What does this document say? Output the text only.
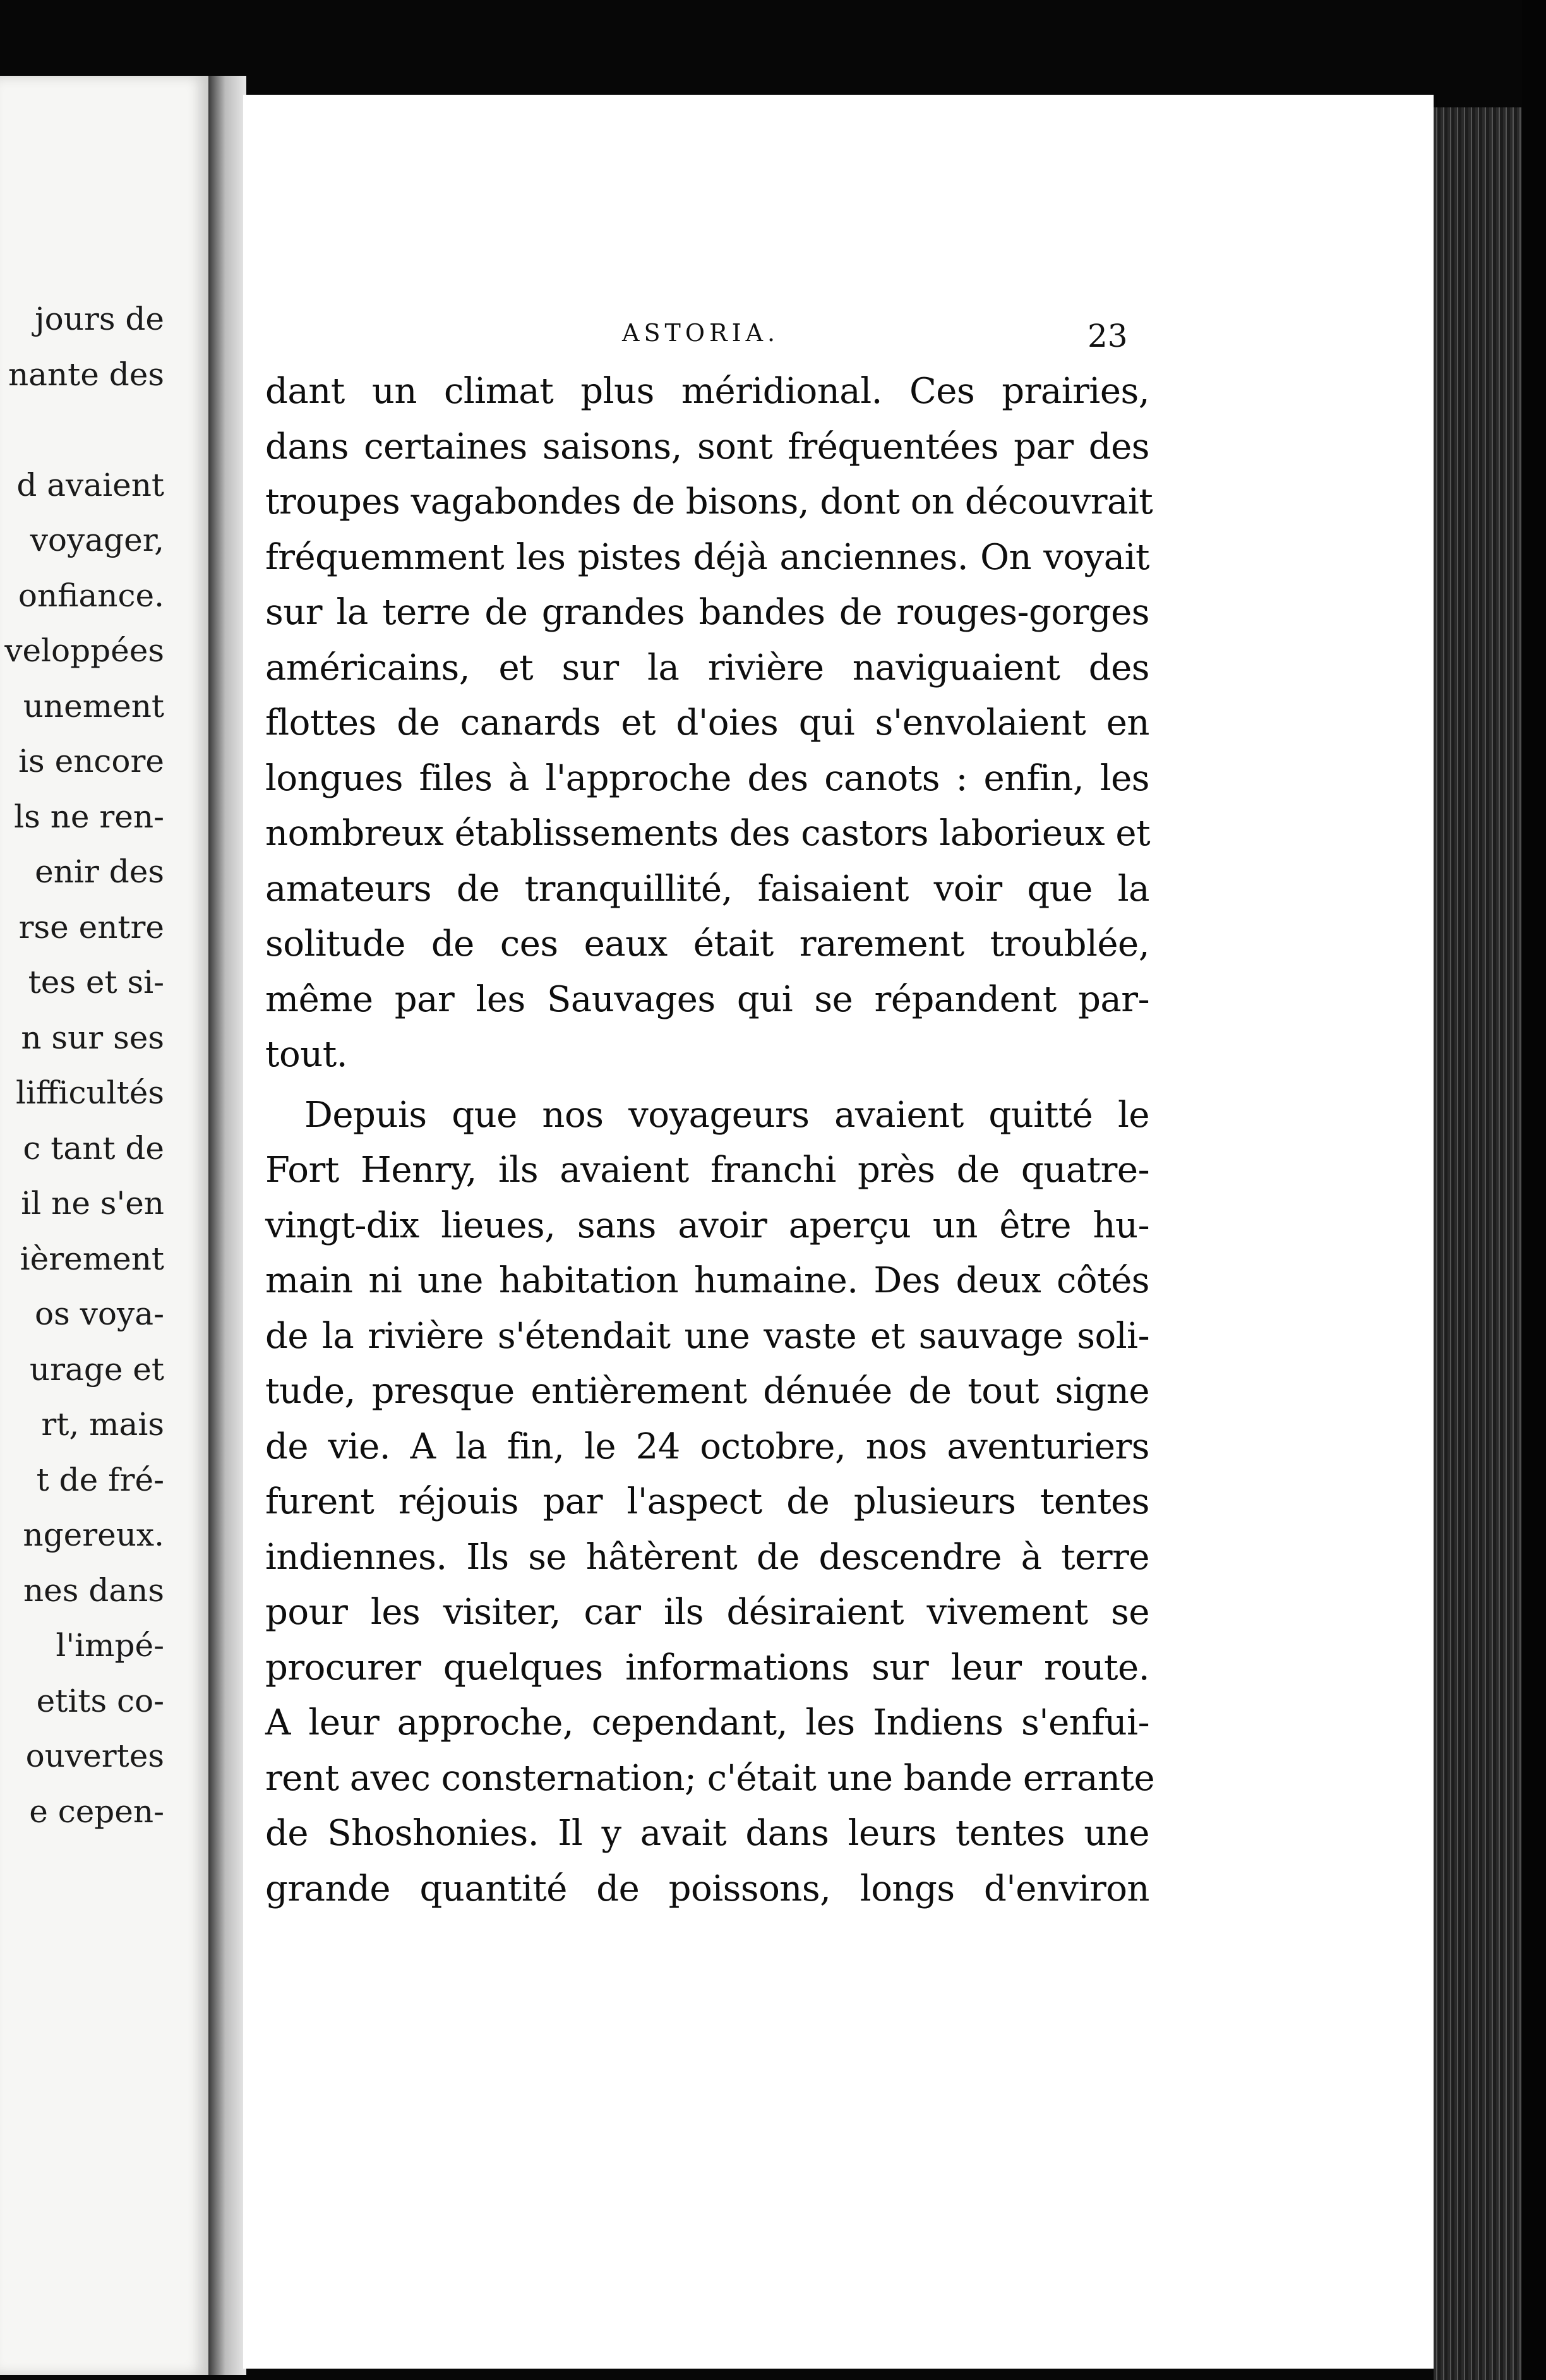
jours de
nante des
d avaient
voyager,
onfiance.
veloppées
unement
is encore
ls ne ren-
enir des
rse entre
tes et si-
n sur ses
lifficultés
c tant de
il ne s'en
ièrement
os voya-
urage et
rt, mais
t de fré-
ngereux.
nes dans
l'impé-
etits co-
ouvertes
e cepen-
ASTORIA.	23
dant un climat plus méridional. Ces prairies,
dans certaines saisons, sont fréquentées par des
troupes vagabondes de bisons, dont on découvrait
fréquemment les pistes déjà anciennes. On voyait
sur la terre de grandes bandes de rouges-gorges
américains, et sur la rivière naviguaient des
flottes de canards et d'oies qui s'envolaient en
longues files à l'approche des canots : enfin, les
nombreux établissements des castors laborieux et
amateurs de tranquillité, faisaient voir que la
solitude de ces eaux était rarement troublée,
même par les Sauvages qui se répandent par-
tout.
Depuis que nos voyageurs avaient quitté le
Fort Henry, ils avaient franchi près de quatre-
vingt-dix lieues, sans avoir aperçu un être hu-
main ni une habitation humaine. Des deux côtés
de la rivière s'étendait une vaste et sauvage soli-
tude, presque entièrement dénuée de tout signe
de vie. A la fin, le 24 octobre, nos aventuriers
furent réjouis par l'aspect de plusieurs tentes
indiennes. Ils se hâtèrent de descendre à terre
pour les visiter, car ils désiraient vivement se
procurer quelques informations sur leur route.
A leur approche, cependant, les Indiens s'enfui-
rent avec consternation; c'était une bande errante
de Shoshonies. Il y avait dans leurs tentes une
grande quantité de poissons, longs d'environ
